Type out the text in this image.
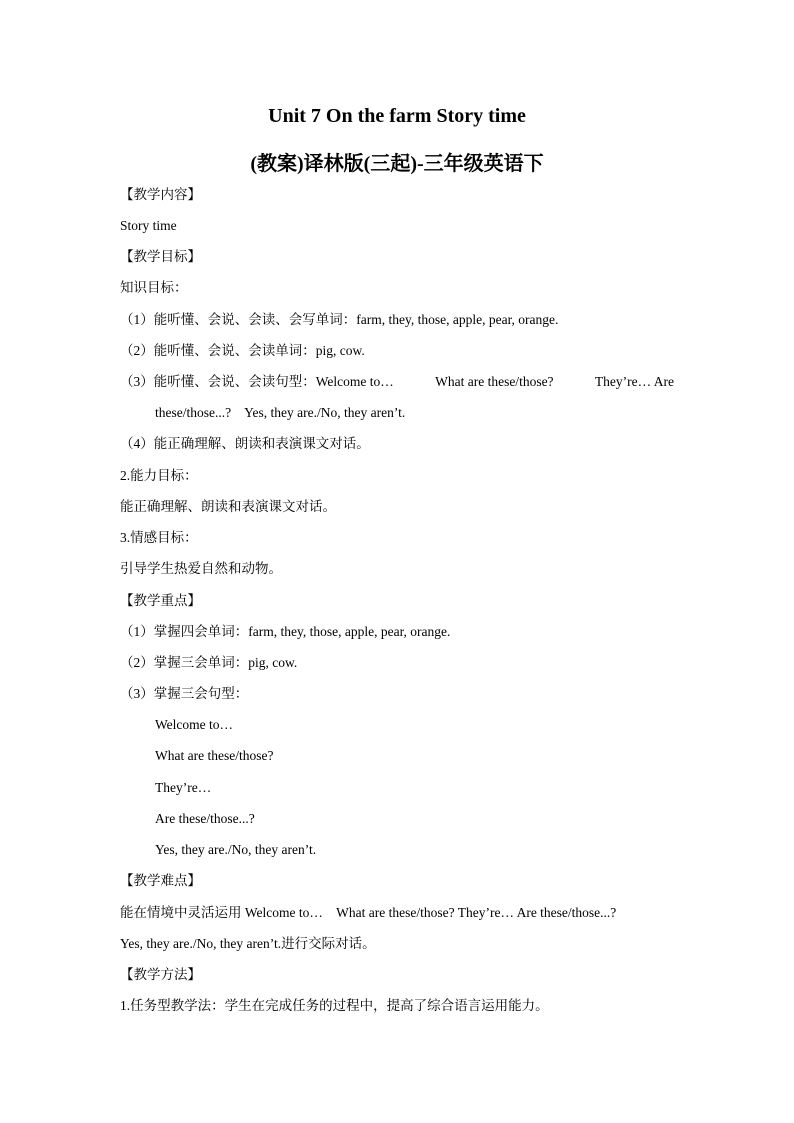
Unit 7 On the farm Story time
(教案)译林版(三起)-三年级英语下
【教学内容】
Story time
【教学目标】
知识目标：
（1）能听懂、会说、会读、会写单词：farm, they, those, apple, pear, orange.
（2）能听懂、会说、会读单词：pig, cow.
（3）能听懂、会说、会读句型：Welcome to…	What are these/those?	They’re… Are
these/those...?    Yes, they are./No, they aren’t.
（4）能正确理解、朗读和表演课文对话。
2.能力目标：
能正确理解、朗读和表演课文对话。
3.情感目标：
引导学生热爱自然和动物。
【教学重点】
（1）掌握四会单词：farm, they, those, apple, pear, orange.
（2）掌握三会单词：pig, cow.
（3）掌握三会句型：
Welcome to…
What are these/those?
They’re…
Are these/those...?
Yes, they are./No, they aren’t.
【教学难点】
能在情境中灵活运用 Welcome to…    What are these/those? They’re… Are these/those...?
Yes, they are./No, they aren’t.进行交际对话。
【教学方法】
1.任务型教学法：学生在完成任务的过程中，提高了综合语言运用能力。
